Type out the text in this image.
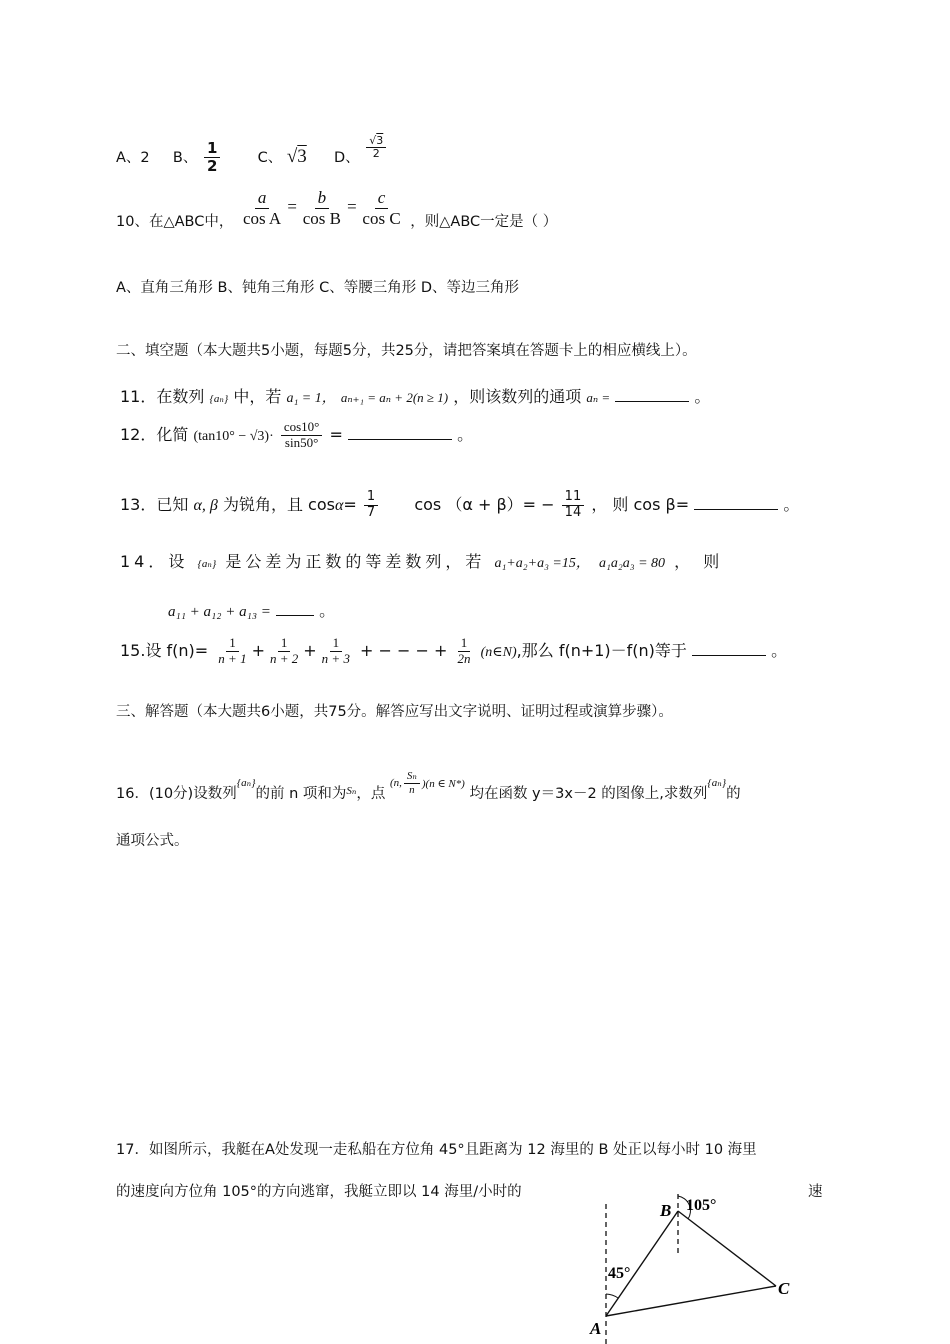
A、2 B、 $\frac{1}{2}$	C、 √3 D、 $\frac{√3}{2}$
10、在△ABC中， $\frac{a}{\text{cos A}} = \frac{b}{\text{cos B}} = \frac{c}{\text{cos C}}$ ，则△ABC一定是（ ）
A、直角三角形 B、钝角三角形 C、等腰三角形 D、等边三角形
二、填空题（本大题共5小题，每题5分，共25分，请把答案填在答题卡上的相应横线上）。
11．在数列 {aₙ} 中，若 a₁ = 1， aₙ₊₁ = aₙ + 2(n ≥ 1) ，则该数列的通项 aₙ =	。
12．化简 $(\tan 10^\circ - √3)\cdot \frac{\cos 10^\circ}{\sin 50^\circ}$ =	。
13．已知 α, β 为锐角，且 $\cos\alpha= \frac{1}{7}$ $\cos (\alpha + \beta)= - \frac{11}{14}$ ， 则 cos β=	。
14．设 {aₙ} 是公差为正数的等差数列，若 a₁+a₂+a₃ =15， a₁a₂a₃ = 80 ， 则
a₁₁ + a₁₂ + a₁₃ =	。
15.设 $f(n)= \frac{1}{n + 1} + \frac{1}{n + 2} + \frac{1}{n + 3}$ + − − − + $\frac{1}{2n}$ (n∈N),那么 f(n+1)－f(n)等于	。
三、解答题（本大题共6小题，共75分。解答应写出文字说明、证明过程或演算步骤）。
16．(10分)设数列{aₙ}的前 n 项和为$_{S_n}$，点
(n, $\frac{\text{Sₙ}}{n} )(n$ ∈ N*)
均在函数 y＝3x－2 的图像上,求数列{aₙ}的
通项公式。
17．如图所示，我艇在A处发现一走私船在方位角 45°且距离为 12 海里的 B 处正以每小时 10 海里
的速度向方位角 105°的方向逃窜，我艇立即以 14 海里/小时的	速
B
A
C
45°
105°
